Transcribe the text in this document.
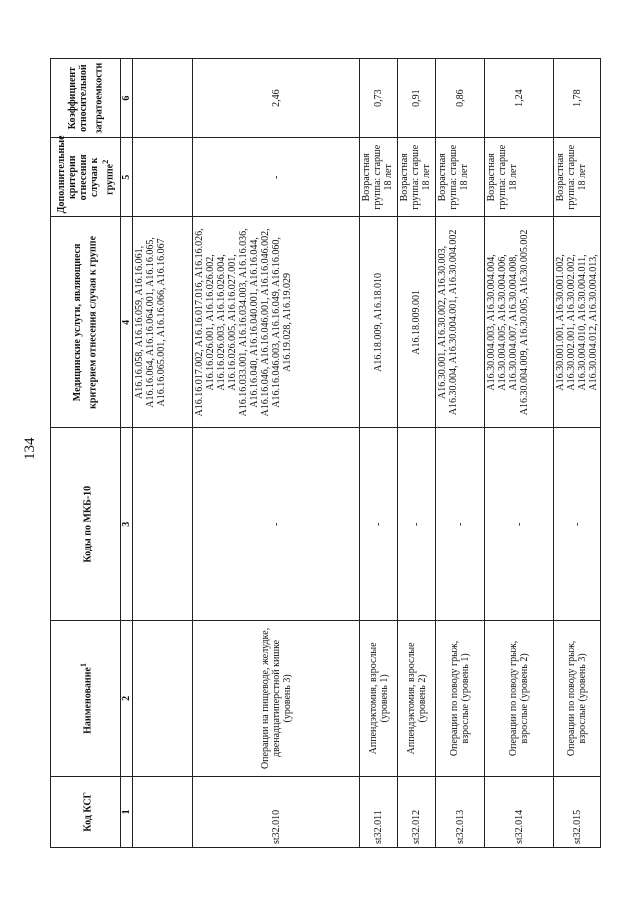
134
Код КСГ	Наименование$^1$	Коды по МКБ-10	Медицинские услуги, являющиеся критерием отнесения случая к группе	Дополнительные критерии отнесения случая к группе$^2$	Коэффициент относительной затратоемкости
1	2	3	4	5	6
			A16.16.058, A16.16.059, A16.16.061, A16.16.064, A16.16.064.001, A16.16.065, A16.16.065.001, A16.16.066, A16.16.067		
st32.010	Операции на пищеводе, желудке, двенадцатиперстной кишке (уровень 3)	-	A16.16.017.002, A16.16.017.016, A16.16.026, A16.16.026.001, A16.16.026.002, A16.16.026.003, A16.16.026.004, A16.16.026.005, A16.16.027.001, A16.16.033.001, A16.16.034.003, A16.16.036, A16.16.040, A16.16.040.001, A16.16.044, A16.16.046, A16.16.046.001, A16.16.046.002, A16.16.046.003, A16.16.049, A16.16.060, A16.19.028, A16.19.029	-	2,46
st32.011	Аппендэктомия, взрослые (уровень 1)	-	A16.18.009, A16.18.010	Возрастная группа: старше 18 лет	0,73
st32.012	Аппендэктомия, взрослые (уровень 2)	-	A16.18.009.001	Возрастная группа: старше 18 лет	0,91
st32.013	Операции по поводу грыж, взрослые (уровень 1)	-	A16.30.001, A16.30.002, A16.30.003, A16.30.004, A16.30.004.001, A16.30.004.002	Возрастная группа: старше 18 лет	0,86
st32.014	Операции по поводу грыж, взрослые (уровень 2)	-	A16.30.004.003, A16.30.004.004, A16.30.004.005, A16.30.004.006, A16.30.004.007, A16.30.004.008, A16.30.004.009, A16.30.005, A16.30.005.002	Возрастная группа: старше 18 лет	1,24
st32.015	Операции по поводу грыж, взрослые (уровень 3)	-	A16.30.001.001, A16.30.001.002, A16.30.002.001, A16.30.002.002, A16.30.004.010, A16.30.004.011, A16.30.004.012, A16.30.004.013,	Возрастная группа: старше 18 лет	1,78
